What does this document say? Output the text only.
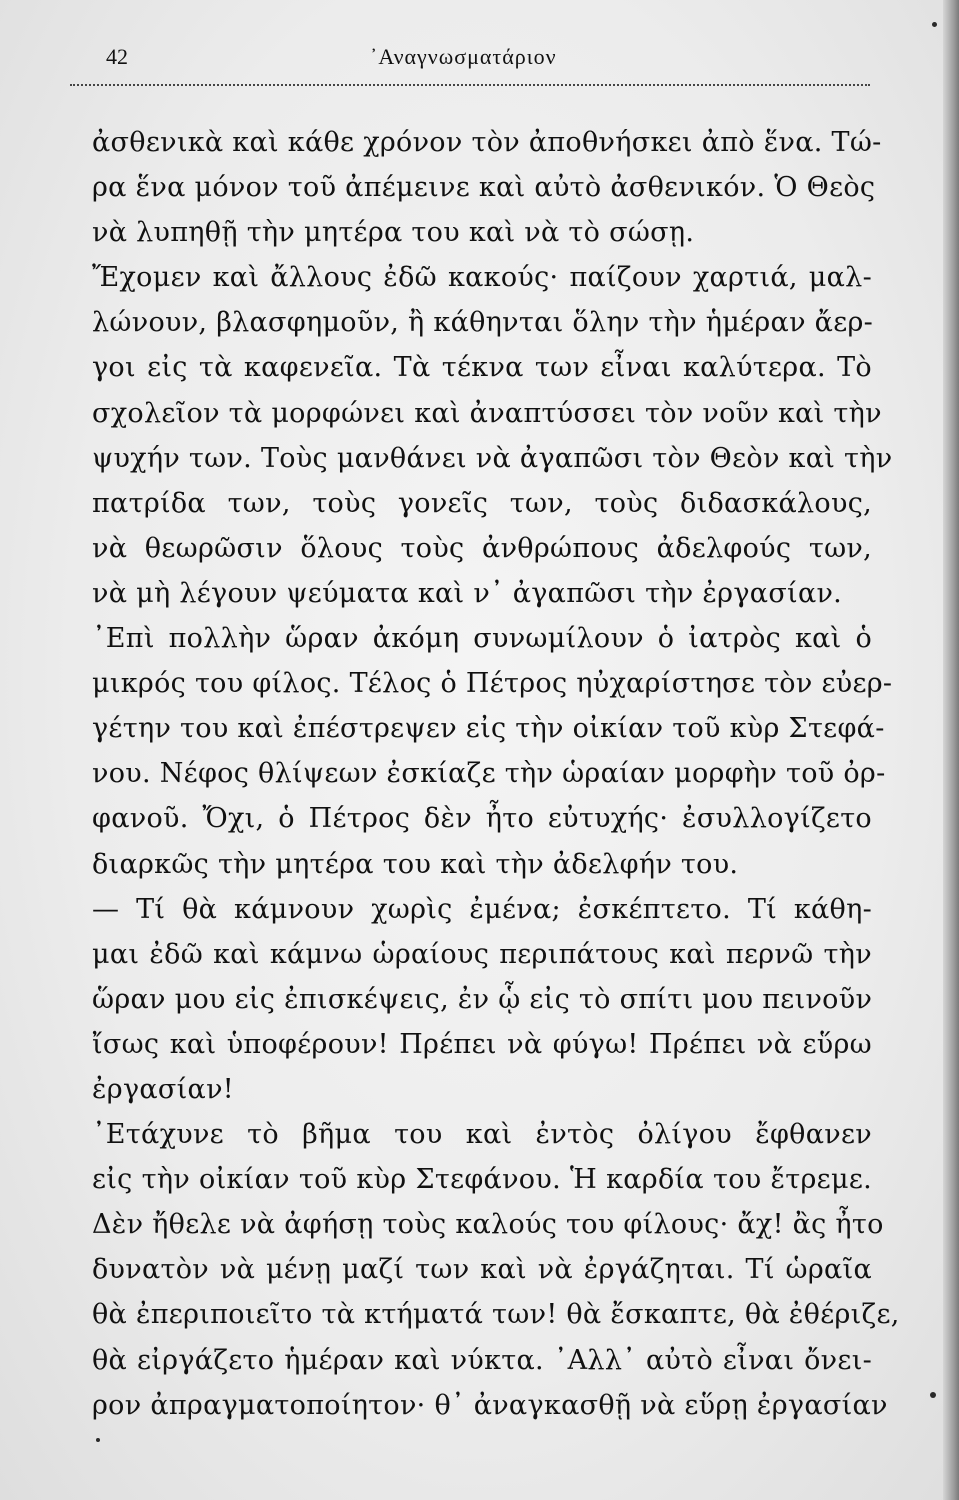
42	᾿Αναγνωσματάριον
ἀσθενικὰ καὶ κάθε χρόνον τὸν ἀποθνήσκει ἀπὸ ἕνα. Τώ-
ρα ἕνα μόνον τοῦ ἀπέμεινε καὶ αὐτὸ ἀσθενικόν. Ὁ Θεὸς
νὰ λυπηθῇ τὴν μητέρα του καὶ νὰ τὸ σώσῃ.
Ἔχομεν καὶ ἄλλους ἐδῶ κακούς· παίζουν χαρτιά, μαλ-
λώνουν, βλασφημοῦν, ἢ κάθηνται ὅλην τὴν ἡμέραν ἄερ-
γοι εἰς τὰ καφενεῖα. Τὰ τέκνα των εἶναι καλύτερα. Τὸ
σχολεῖον τὰ μορφώνει καὶ ἀναπτύσσει τὸν νοῦν καὶ τὴν
ψυχήν των. Τοὺς μανθάνει νὰ ἀγαπῶσι τὸν Θεὸν καὶ τὴν
πατρίδα των, τοὺς γονεῖς των, τοὺς διδασκάλους,
νὰ θεωρῶσιν ὅλους τοὺς ἀνθρώπους ἀδελφούς των,
νὰ μὴ λέγουν ψεύματα καὶ ν᾿ ἀγαπῶσι τὴν ἐργασίαν.
᾿Επὶ πολλὴν ὥραν ἀκόμη συνωμίλουν ὁ ἰατρὸς καὶ ὁ
μικρός του φίλος. Τέλος ὁ Πέτρος ηὐχαρίστησε τὸν εὐερ-
γέτην του καὶ ἐπέστρεψεν εἰς τὴν οἰκίαν τοῦ κὺρ Στεφά-
νου. Νέφος θλίψεων ἐσκίαζε τὴν ὡραίαν μορφὴν τοῦ ὀρ-
φανοῦ. Ὄχι, ὁ Πέτρος δὲν ἦτο εὐτυχής· ἐσυλλογίζετο
διαρκῶς τὴν μητέρα του καὶ τὴν ἀδελφήν του.
— Τί θὰ κάμνουν χωρὶς ἐμένα; ἐσκέπτετο. Τί κάθη-
μαι ἐδῶ καὶ κάμνω ὡραίους περιπάτους καὶ περνῶ τὴν
ὥραν μου εἰς ἐπισκέψεις, ἐν ᾧ εἰς τὸ σπίτι μου πεινοῦν
ἴσως καὶ ὑποφέρουν! Πρέπει νὰ φύγω! Πρέπει νὰ εὕρω
ἐργασίαν!
᾿Ετάχυνε τὸ βῆμα του καὶ ἐντὸς ὀλίγου ἔφθανεν
εἰς τὴν οἰκίαν τοῦ κὺρ Στεφάνου. Ἡ καρδία του ἔτρεμε.
Δὲν ἤθελε νὰ ἀφήσῃ τοὺς καλούς του φίλους· ἄχ! ἂς ἦτο
δυνατὸν νὰ μένῃ μαζί των καὶ νὰ ἐργάζηται. Τί ὡραῖα
θὰ ἐπεριποιεῖτο τὰ κτήματά των! θὰ ἔσκαπτε, θὰ ἐθέριζε,
θὰ εἰργάζετο ἡμέραν καὶ νύκτα. ᾿Αλλ᾿ αὐτὸ εἶναι ὄνει-
ρον ἀπραγματοποίητον· θ᾿ ἀναγκασθῇ νὰ εὕρῃ ἐργασίαν
